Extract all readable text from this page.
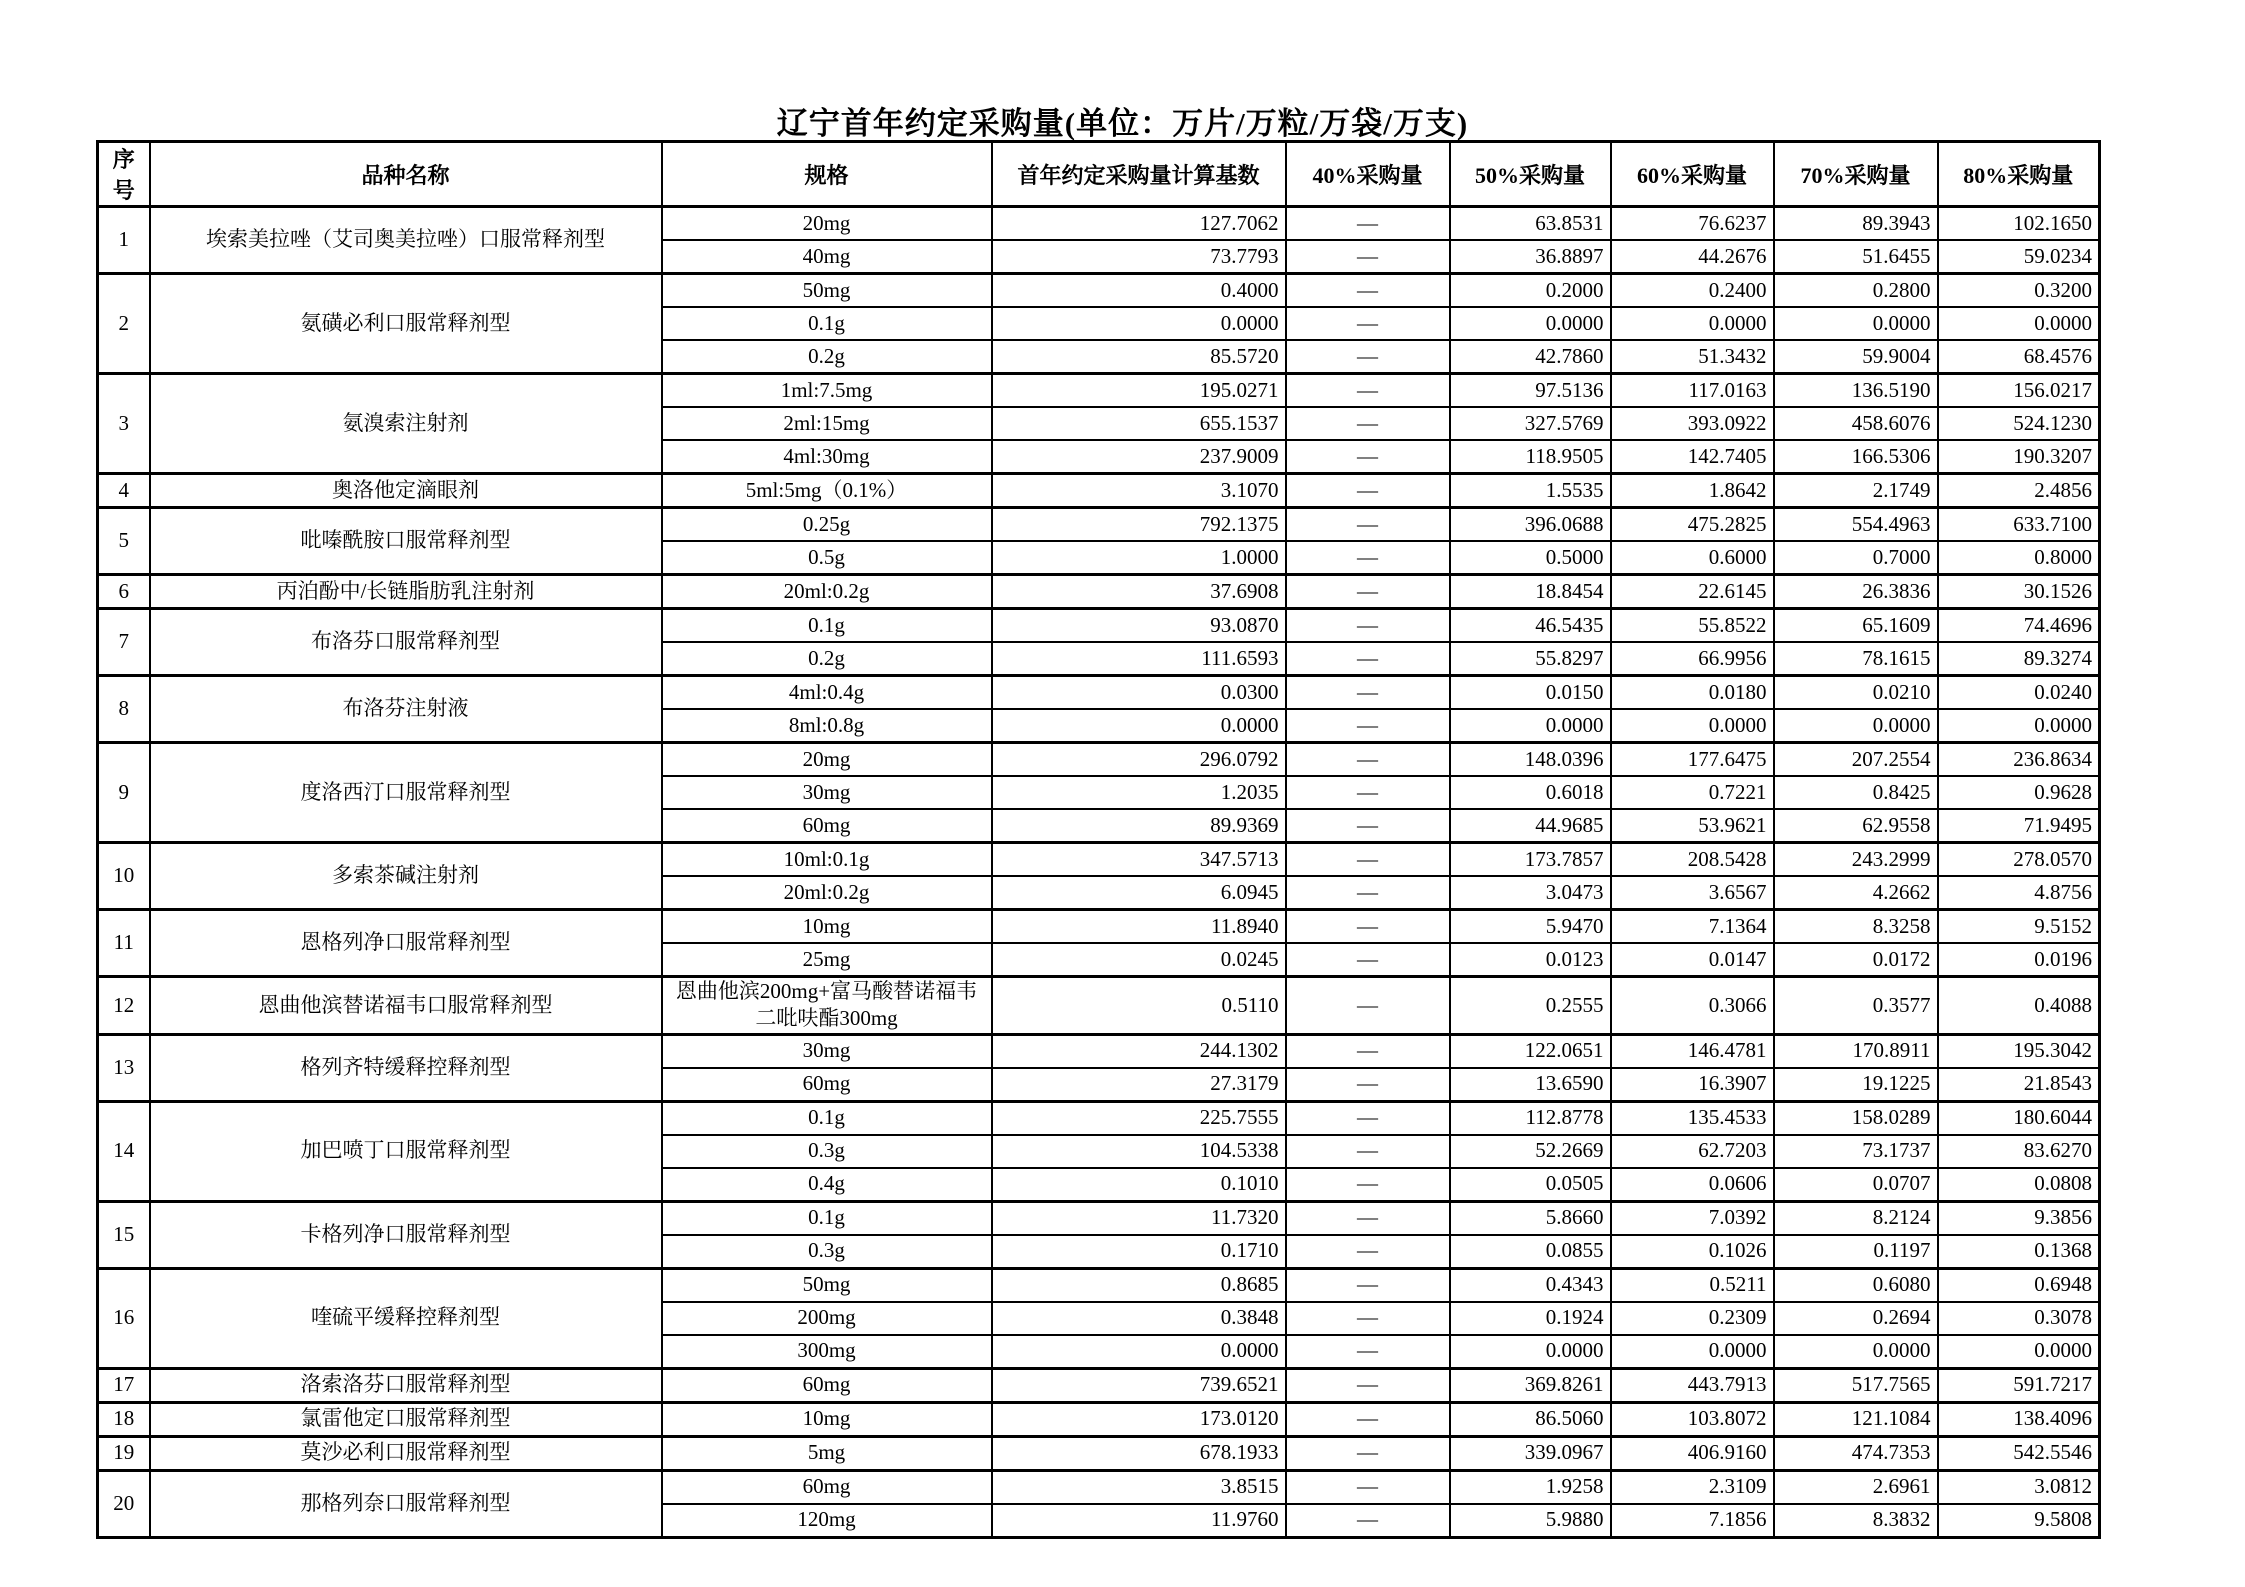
辽宁首年约定采购量(单位：万片/万粒/万袋/万支)
序号	品种名称	规格	首年约定采购量计算基数	40%采购量	50%采购量	60%采购量	70%采购量	80%采购量
1	埃索美拉唑（艾司奥美拉唑）口服常释剂型	20mg	127.7062	—	63.8531	76.6237	89.3943	102.1650
		40mg	73.7793	—	36.8897	44.2676	51.6455	59.0234
2	氨磺必利口服常释剂型	50mg	0.4000	—	0.2000	0.2400	0.2800	0.3200
		0.1g	0.0000	—	0.0000	0.0000	0.0000	0.0000
		0.2g	85.5720	—	42.7860	51.3432	59.9004	68.4576
3	氨溴索注射剂	1ml:7.5mg	195.0271	—	97.5136	117.0163	136.5190	156.0217
		2ml:15mg	655.1537	—	327.5769	393.0922	458.6076	524.1230
		4ml:30mg	237.9009	—	118.9505	142.7405	166.5306	190.3207
4	奥洛他定滴眼剂	5ml:5mg（0.1%）	3.1070	—	1.5535	1.8642	2.1749	2.4856
5	吡嗪酰胺口服常释剂型	0.25g	792.1375	—	396.0688	475.2825	554.4963	633.7100
		0.5g	1.0000	—	0.5000	0.6000	0.7000	0.8000
6	丙泊酚中/长链脂肪乳注射剂	20ml:0.2g	37.6908	—	18.8454	22.6145	26.3836	30.1526
7	布洛芬口服常释剂型	0.1g	93.0870	—	46.5435	55.8522	65.1609	74.4696
		0.2g	111.6593	—	55.8297	66.9956	78.1615	89.3274
8	布洛芬注射液	4ml:0.4g	0.0300	—	0.0150	0.0180	0.0210	0.0240
		8ml:0.8g	0.0000	—	0.0000	0.0000	0.0000	0.0000
9	度洛西汀口服常释剂型	20mg	296.0792	—	148.0396	177.6475	207.2554	236.8634
		30mg	1.2035	—	0.6018	0.7221	0.8425	0.9628
		60mg	89.9369	—	44.9685	53.9621	62.9558	71.9495
10	多索茶碱注射剂	10ml:0.1g	347.5713	—	173.7857	208.5428	243.2999	278.0570
		20ml:0.2g	6.0945	—	3.0473	3.6567	4.2662	4.8756
11	恩格列净口服常释剂型	10mg	11.8940	—	5.9470	7.1364	8.3258	9.5152
		25mg	0.0245	—	0.0123	0.0147	0.0172	0.0196
12	恩曲他滨替诺福韦口服常释剂型	恩曲他滨200mg+富马酸替诺福韦二吡呋酯300mg	0.5110	—	0.2555	0.3066	0.3577	0.4088
13	格列齐特缓释控释剂型	30mg	244.1302	—	122.0651	146.4781	170.8911	195.3042
		60mg	27.3179	—	13.6590	16.3907	19.1225	21.8543
14	加巴喷丁口服常释剂型	0.1g	225.7555	—	112.8778	135.4533	158.0289	180.6044
		0.3g	104.5338	—	52.2669	62.7203	73.1737	83.6270
		0.4g	0.1010	—	0.0505	0.0606	0.0707	0.0808
15	卡格列净口服常释剂型	0.1g	11.7320	—	5.8660	7.0392	8.2124	9.3856
		0.3g	0.1710	—	0.0855	0.1026	0.1197	0.1368
16	喹硫平缓释控释剂型	50mg	0.8685	—	0.4343	0.5211	0.6080	0.6948
		200mg	0.3848	—	0.1924	0.2309	0.2694	0.3078
		300mg	0.0000	—	0.0000	0.0000	0.0000	0.0000
17	洛索洛芬口服常释剂型	60mg	739.6521	—	369.8261	443.7913	517.7565	591.7217
18	氯雷他定口服常释剂型	10mg	173.0120	—	86.5060	103.8072	121.1084	138.4096
19	莫沙必利口服常释剂型	5mg	678.1933	—	339.0967	406.9160	474.7353	542.5546
20	那格列奈口服常释剂型	60mg	3.8515	—	1.9258	2.3109	2.6961	3.0812
		120mg	11.9760	—	5.9880	7.1856	8.3832	9.5808
